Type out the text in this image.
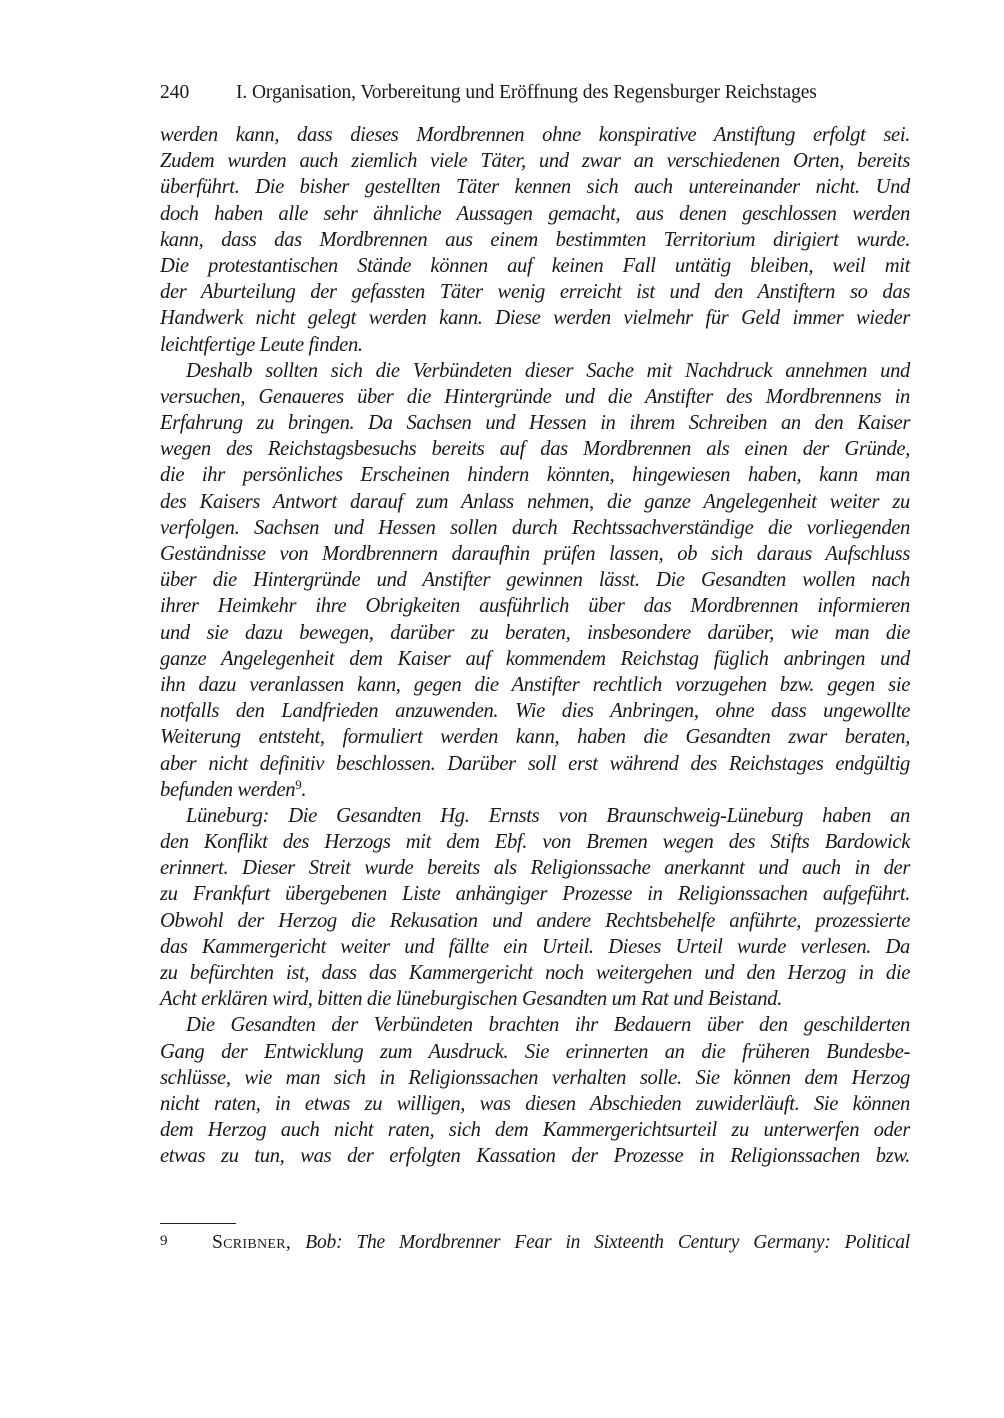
240 I. Organisation, Vorbereitung und Eröffnung des Regensburger Reichstages
werden kann, dass dieses Mordbrennen ohne konspirative Anstiftung erfolgt sei.
Zudem wurden auch ziemlich viele Täter, und zwar an verschiedenen Orten, bereits
überführt. Die bisher gestellten Täter kennen sich auch untereinander nicht. Und
doch haben alle sehr ähnliche Aussagen gemacht, aus denen geschlossen werden
kann, dass das Mordbrennen aus einem bestimmten Territorium dirigiert wurde.
Die protestantischen Stände können auf keinen Fall untätig bleiben, weil mit
der Aburteilung der gefassten Täter wenig erreicht ist und den Anstiftern so das
Handwerk nicht gelegt werden kann. Diese werden vielmehr für Geld immer wieder
leichtfertige Leute finden.
Deshalb sollten sich die Verbündeten dieser Sache mit Nachdruck annehmen und
versuchen, Genaueres über die Hintergründe und die Anstifter des Mordbrennens in
Erfahrung zu bringen. Da Sachsen und Hessen in ihrem Schreiben an den Kaiser
wegen des Reichstagsbesuchs bereits auf das Mordbrennen als einen der Gründe,
die ihr persönliches Erscheinen hindern könnten, hingewiesen haben, kann man
des Kaisers Antwort darauf zum Anlass nehmen, die ganze Angelegenheit weiter zu
verfolgen. Sachsen und Hessen sollen durch Rechtssachverständige die vorliegenden
Geständnisse von Mordbrennern daraufhin prüfen lassen, ob sich daraus Aufschluss
über die Hintergründe und Anstifter gewinnen lässt. Die Gesandten wollen nach
ihrer Heimkehr ihre Obrigkeiten ausführlich über das Mordbrennen informieren
und sie dazu bewegen, darüber zu beraten, insbesondere darüber, wie man die
ganze Angelegenheit dem Kaiser auf kommendem Reichstag füglich anbringen und
ihn dazu veranlassen kann, gegen die Anstifter rechtlich vorzugehen bzw. gegen sie
notfalls den Landfrieden anzuwenden. Wie dies Anbringen, ohne dass ungewollte
Weiterung entsteht, formuliert werden kann, haben die Gesandten zwar beraten,
aber nicht definitiv beschlossen. Darüber soll erst während des Reichstages endgültig
befunden werden$^9$.
Lüneburg: Die Gesandten Hg. Ernsts von Braunschweig-Lüneburg haben an
den Konflikt des Herzogs mit dem Ebf. von Bremen wegen des Stifts Bardowick
erinnert. Dieser Streit wurde bereits als Religionssache anerkannt und auch in der
zu Frankfurt übergebenen Liste anhängiger Prozesse in Religionssachen aufgeführt.
Obwohl der Herzog die Rekusation und andere Rechtsbehelfe anführte, prozessierte
das Kammergericht weiter und fällte ein Urteil. Dieses Urteil wurde verlesen. Da
zu befürchten ist, dass das Kammergericht noch weitergehen und den Herzog in die
Acht erklären wird, bitten die lüneburgischen Gesandten um Rat und Beistand.
Die Gesandten der Verbündeten brachten ihr Bedauern über den geschilderten
Gang der Entwicklung zum Ausdruck. Sie erinnerten an die früheren Bundesbe-
schlüsse, wie man sich in Religionssachen verhalten solle. Sie können dem Herzog
nicht raten, in etwas zu willigen, was diesen Abschieden zuwiderläuft. Sie können
dem Herzog auch nicht raten, sich dem Kammergerichtsurteil zu unterwerfen oder
etwas zu tun, was der erfolgten Kassation der Prozesse in Religionssachen bzw.
9 Scribner, Bob: The Mordbrenner Fear in Sixteenth Century Germany: Political
